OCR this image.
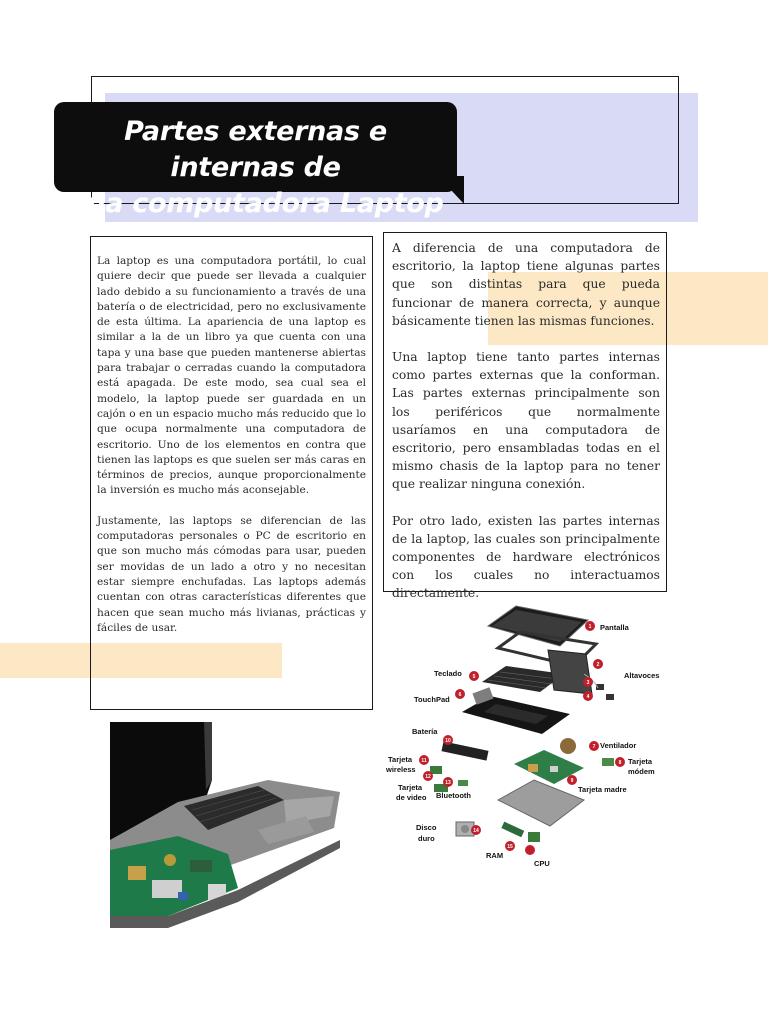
Partes externas e internas de
una computadora Laptop

La laptop es una computadora portátil, lo cual quiere decir que puede ser llevada a cualquier lado debido a su funcionamiento a través de una batería o de electricidad, pero no exclusivamente de esta última. La apariencia de una laptop es similar a la de un libro ya que cuenta con una tapa y una base que pueden mantenerse abiertas para trabajar o cerradas cuando la computadora está apagada. De este modo, sea cual sea el modelo, la laptop puede ser guardada en un cajón o en un espacio mucho más reducido que lo que ocupa normalmente una computadora de escritorio. Uno de los elementos en contra que tienen las laptops es que suelen ser más caras en términos de precios, aunque proporcionalmente la inversión es mucho más aconsejable.

Justamente, las laptops se diferencian de las computadoras personales o PC de escritorio en que son mucho más cómodas para usar, pueden ser movidas de un lado a otro y no necesitan estar siempre enchufadas. Las laptops además cuentan con otras características diferentes que hacen que sean mucho más livianas, prácticas y fáciles de usar.

A diferencia de una computadora de escritorio, la laptop tiene algunas partes que son distintas para que pueda funcionar de manera correcta, y aunque básicamente tienen las mismas funciones.

Una laptop tiene tanto partes internas como partes externas que la conforman. Las partes externas principalmente son los periféricos que normalmente usaríamos en una computadora de escritorio, pero ensambladas todas en el mismo chasis de la laptop para no tener que realizar ninguna conexión.

Por otro lado, existen las partes internas de la laptop, las cuales son principalmente componentes de hardware electrónicos con los cuales no interactuamos directamente.

1
2
3
4
5
6
7
8
9
10
11
12
13
14
15
Pantalla
Teclado	Altavoces
TouchPad
Batería
Ventilador
Tarjeta
wireless
Tarjeta
módem
Tarjeta
de video Bluetooth
Tarjeta madre
Disco
duro
RAM
CPU
